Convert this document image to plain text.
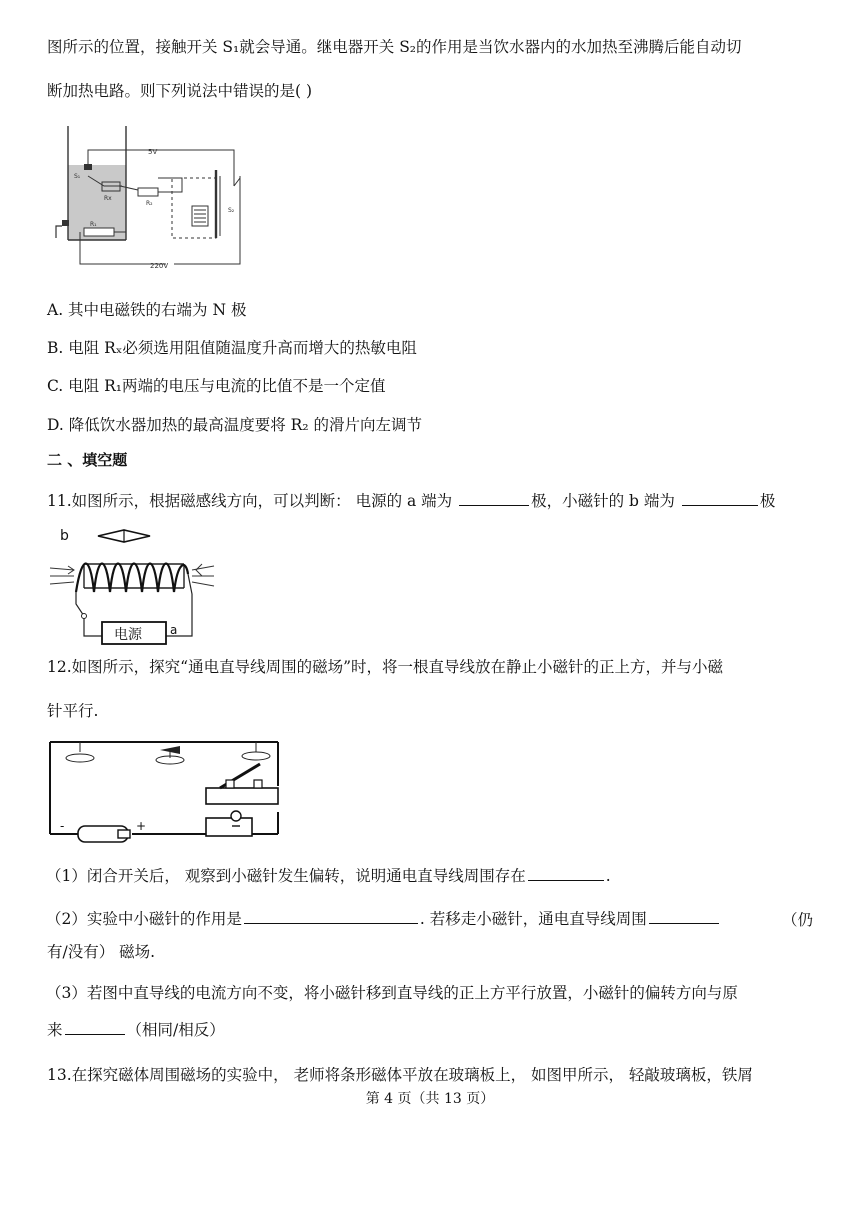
图所示的位置，接触开关 S₁就会导通。继电器开关 S₂的作用是当饮水器内的水加热至沸腾后能自动切
断加热电路。则下列说法中错误的是( )
5V
220V
S₁
Rx
R₁
R₂
S₂
A. 其中电磁铁的右端为 N 极
B. 电阻 Rₓ必须选用阻值随温度升高而增大的热敏电阻
C. 电阻 R₁两端的电压与电流的比值不是一个定值
D. 降低饮水器加热的最高温度要将 R₂ 的滑片向左调节
二 、填空题
11.如图所示，根据磁感线方向，可以判断： 电源的 a 端为	极，小磁针的 b 端为	极
b
电源 a
12.如图所示，探究“通电直导线周围的磁场”时，将一根直导线放在静止小磁针的正上方，并与小磁
针平行.
-	+
（1）闭合开关后， 观察到小磁针发生偏转，说明通电直导线周围存在	.
（2）实验中小磁针的作用是	. 若移走小磁针，通电直导线周围	（仍
有/没有） 磁场.
（3）若图中直导线的电流方向不变，将小磁针移到直导线的正上方平行放置，小磁针的偏转方向与原
来	（相同/相反）
13.在探究磁体周围磁场的实验中， 老师将条形磁体平放在玻璃板上， 如图甲所示， 轻敲玻璃板，铁屑
第 4 页（共 13 页）
